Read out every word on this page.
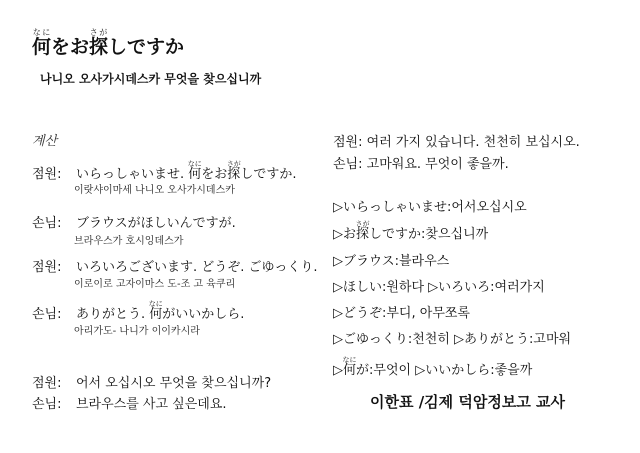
何なにをお探さがしですか
나니오 오사가시데스카 무엇을 찾으십니까
계산
점원: いらっしゃいませ. 何なにをお探さがしですか.
이랏샤이마세 나니오 오사가시데스카
손님: ブラウスがほしいんですが.
브라우스가 호시잉데스가
점원: いろいろございます. どうぞ. ごゆっくり.
이로이로 고자이마스 도-조 고 육쿠리
손님: ありがとう. 何なにがいいかしら.
아리가도- 나니가 이이카시라
점원: 어서 오십시오 무엇을 찾으십니까?
손님: 브라우스를 사고 싶은데요.
점원: 여러 가지 있습니다. 천천히 보십시오.
손님: 고마워요. 무엇이 좋을까.
▷いらっしゃいませ:어서오십시오
▷お探さがしですか:찾으십니까
▷ブラウス:블라우스
▷ほしい:원하다 ▷いろいろ:여러가지
▷どうぞ:부디, 아무쪼록
▷ごゆっくり:천천히 ▷ありがとう:고마워
▷何なにが:무엇이 ▷いいかしら:좋을까
이한표 /김제 덕암정보고 교사
